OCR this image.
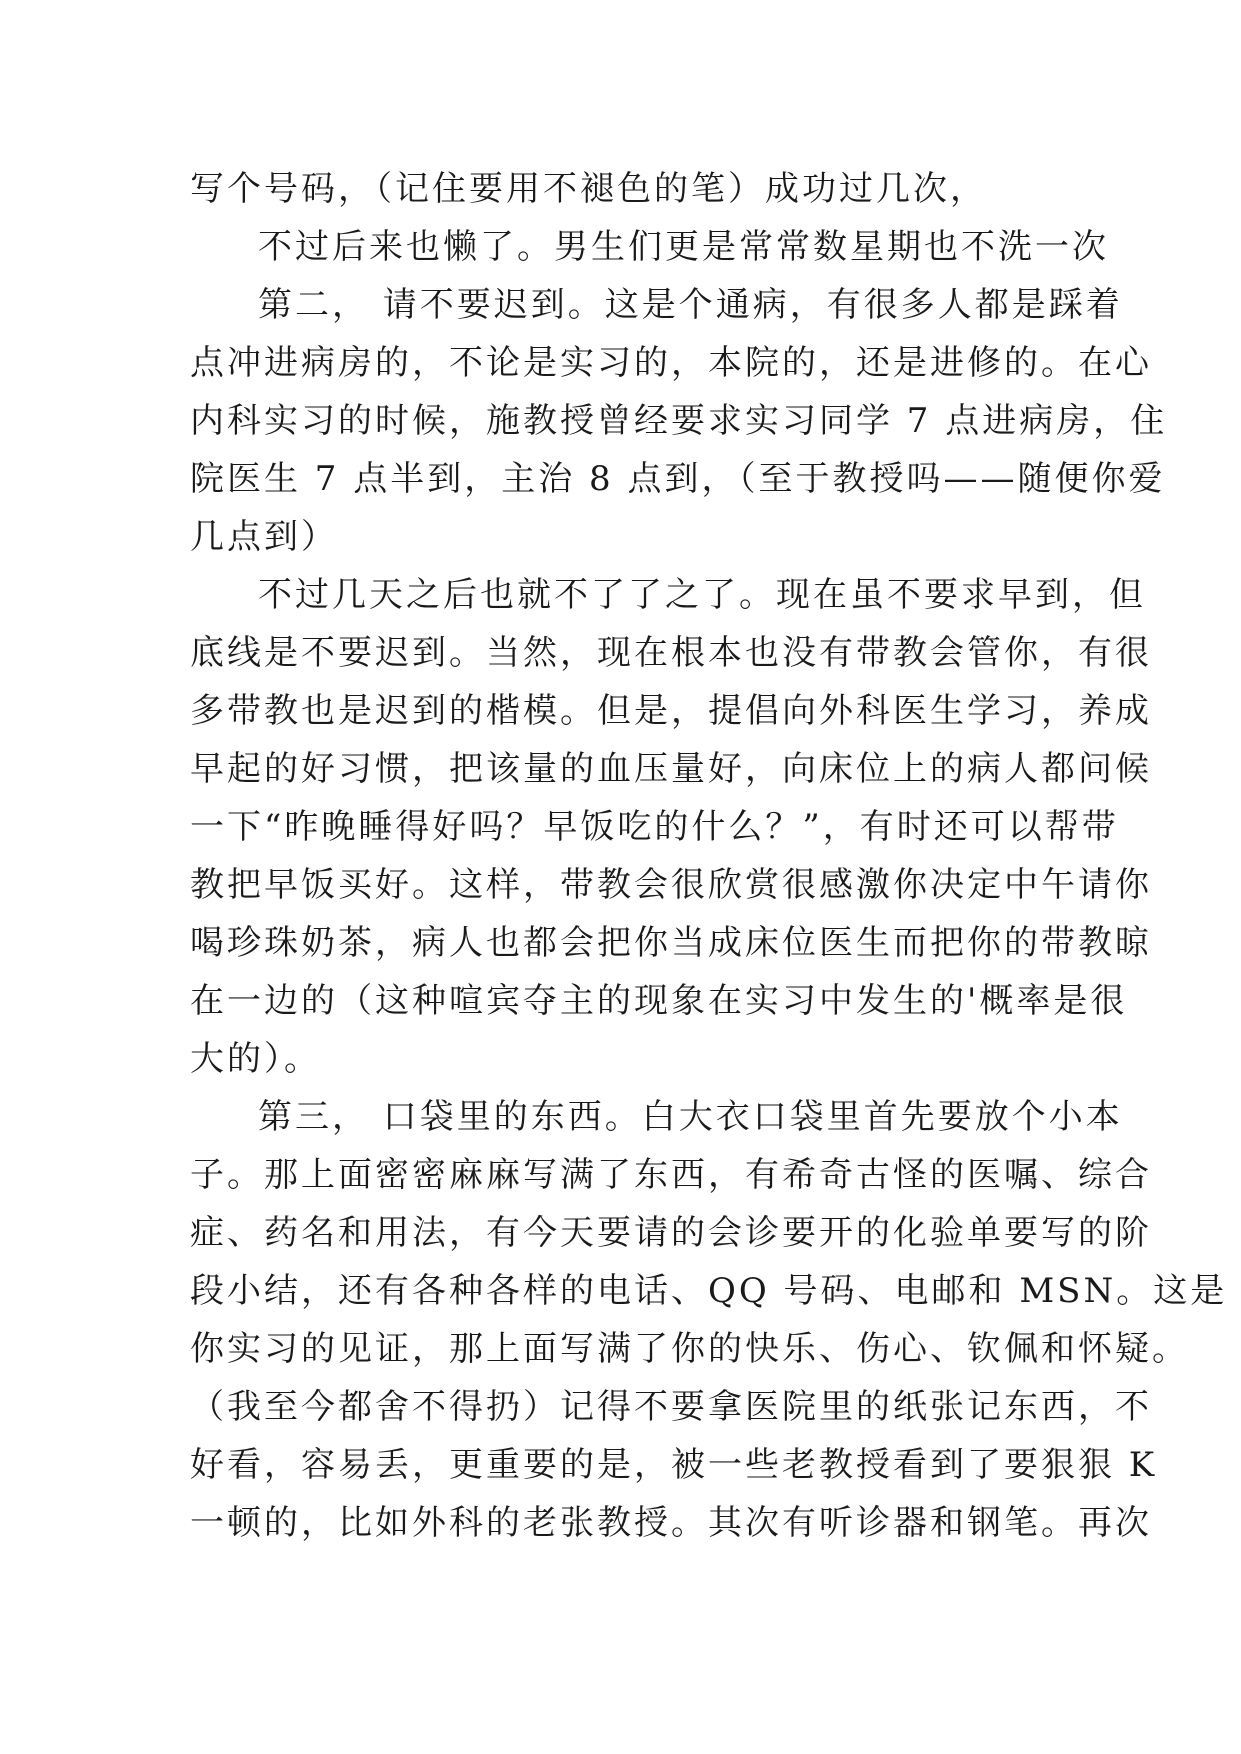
写个号码，（记住要用不褪色的笔）成功过几次，
不过后来也懒了。男生们更是常常数星期也不洗一次
第二， 请不要迟到。这是个通病，有很多人都是踩着
点冲进病房的，不论是实习的，本院的，还是进修的。在心
内科实习的时候，施教授曾经要求实习同学 7 点进病房，住
院医生 7 点半到，主治 8 点到，（至于教授吗——随便你爱
几点到）
不过几天之后也就不了了之了。现在虽不要求早到，但
底线是不要迟到。当然，现在根本也没有带教会管你，有很
多带教也是迟到的楷模。但是，提倡向外科医生学习，养成
早起的好习惯，把该量的血压量好，向床位上的病人都问候
一下“昨晚睡得好吗？早饭吃的什么？”，有时还可以帮带
教把早饭买好。这样，带教会很欣赏很感激你决定中午请你
喝珍珠奶茶，病人也都会把你当成床位医生而把你的带教晾
在一边的（这种喧宾夺主的现象在实习中发生的'概率是很
大的）。
第三， 口袋里的东西。白大衣口袋里首先要放个小本
子。那上面密密麻麻写满了东西，有希奇古怪的医嘱、综合
症、药名和用法，有今天要请的会诊要开的化验单要写的阶
段小结，还有各种各样的电话、QQ 号码、电邮和 MSN。这是
你实习的见证，那上面写满了你的快乐、伤心、钦佩和怀疑。
（我至今都舍不得扔）记得不要拿医院里的纸张记东西，不
好看，容易丢，更重要的是，被一些老教授看到了要狠狠 K
一顿的，比如外科的老张教授。其次有听诊器和钢笔。再次
